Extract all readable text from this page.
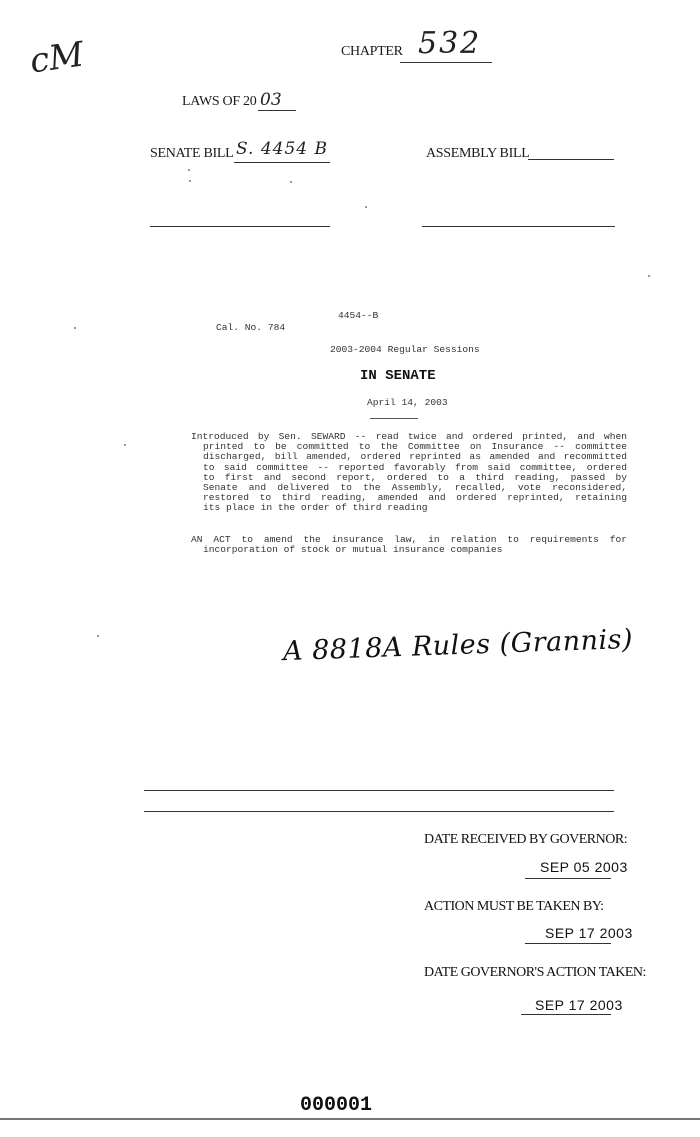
cM	CHAPTER 532
LAWS OF 20 03
SENATE BILL S. 4454 B	ASSEMBLY BILL
4454--B
Cal. No. 784
2003-2004 Regular Sessions
IN SENATE
April 14, 2003
Introduced by Sen. SEWARD -- read twice and ordered printed, and when
printed to be committed to the Committee on Insurance -- committee
discharged, bill amended, ordered reprinted as amended and recommitted
to said committee -- reported favorably from said committee, ordered
to first and second report, ordered to a third reading, passed by
Senate and delivered to the Assembly, recalled, vote reconsidered,
restored to third reading, amended and ordered reprinted, retaining
its place in the order of third reading
AN ACT to amend the insurance law, in relation to requirements for
incorporation of stock or mutual insurance companies
A 8818A Rules (Grannis)
DATE RECEIVED BY GOVERNOR:
SEP 05 2003
ACTION MUST BE TAKEN BY:
SEP 17 2003
DATE GOVERNOR'S ACTION TAKEN:
SEP 17 2003
000001
